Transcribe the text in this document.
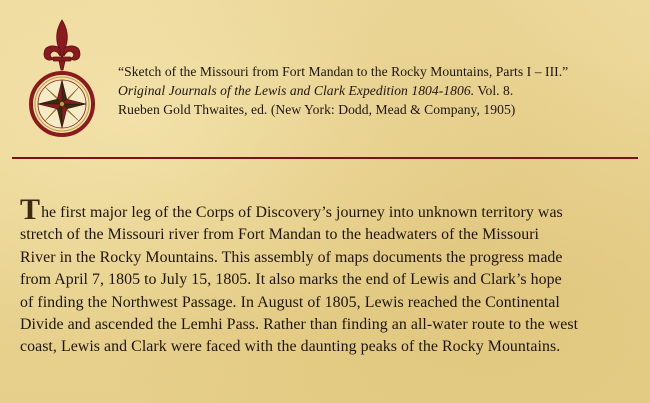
“Sketch of the Missouri from Fort Mandan to the Rocky Mountains, Parts I – III.”
Original Journals of the Lewis and Clark Expedition 1804-1806. Vol. 8.
Rueben Gold Thwaites, ed. (New York: Dodd, Mead & Company, 1905)
The first major leg of the Corps of Discovery’s journey into unknown territory was
stretch of the Missouri river from Fort Mandan to the headwaters of the Missouri
River in the Rocky Mountains. This assembly of maps documents the progress made
from April 7, 1805 to July 15, 1805. It also marks the end of Lewis and Clark’s hope
of finding the Northwest Passage. In August of 1805, Lewis reached the Continental
Divide and ascended the Lemhi Pass. Rather than finding an all-water route to the west
coast, Lewis and Clark were faced with the daunting peaks of the Rocky Mountains.
